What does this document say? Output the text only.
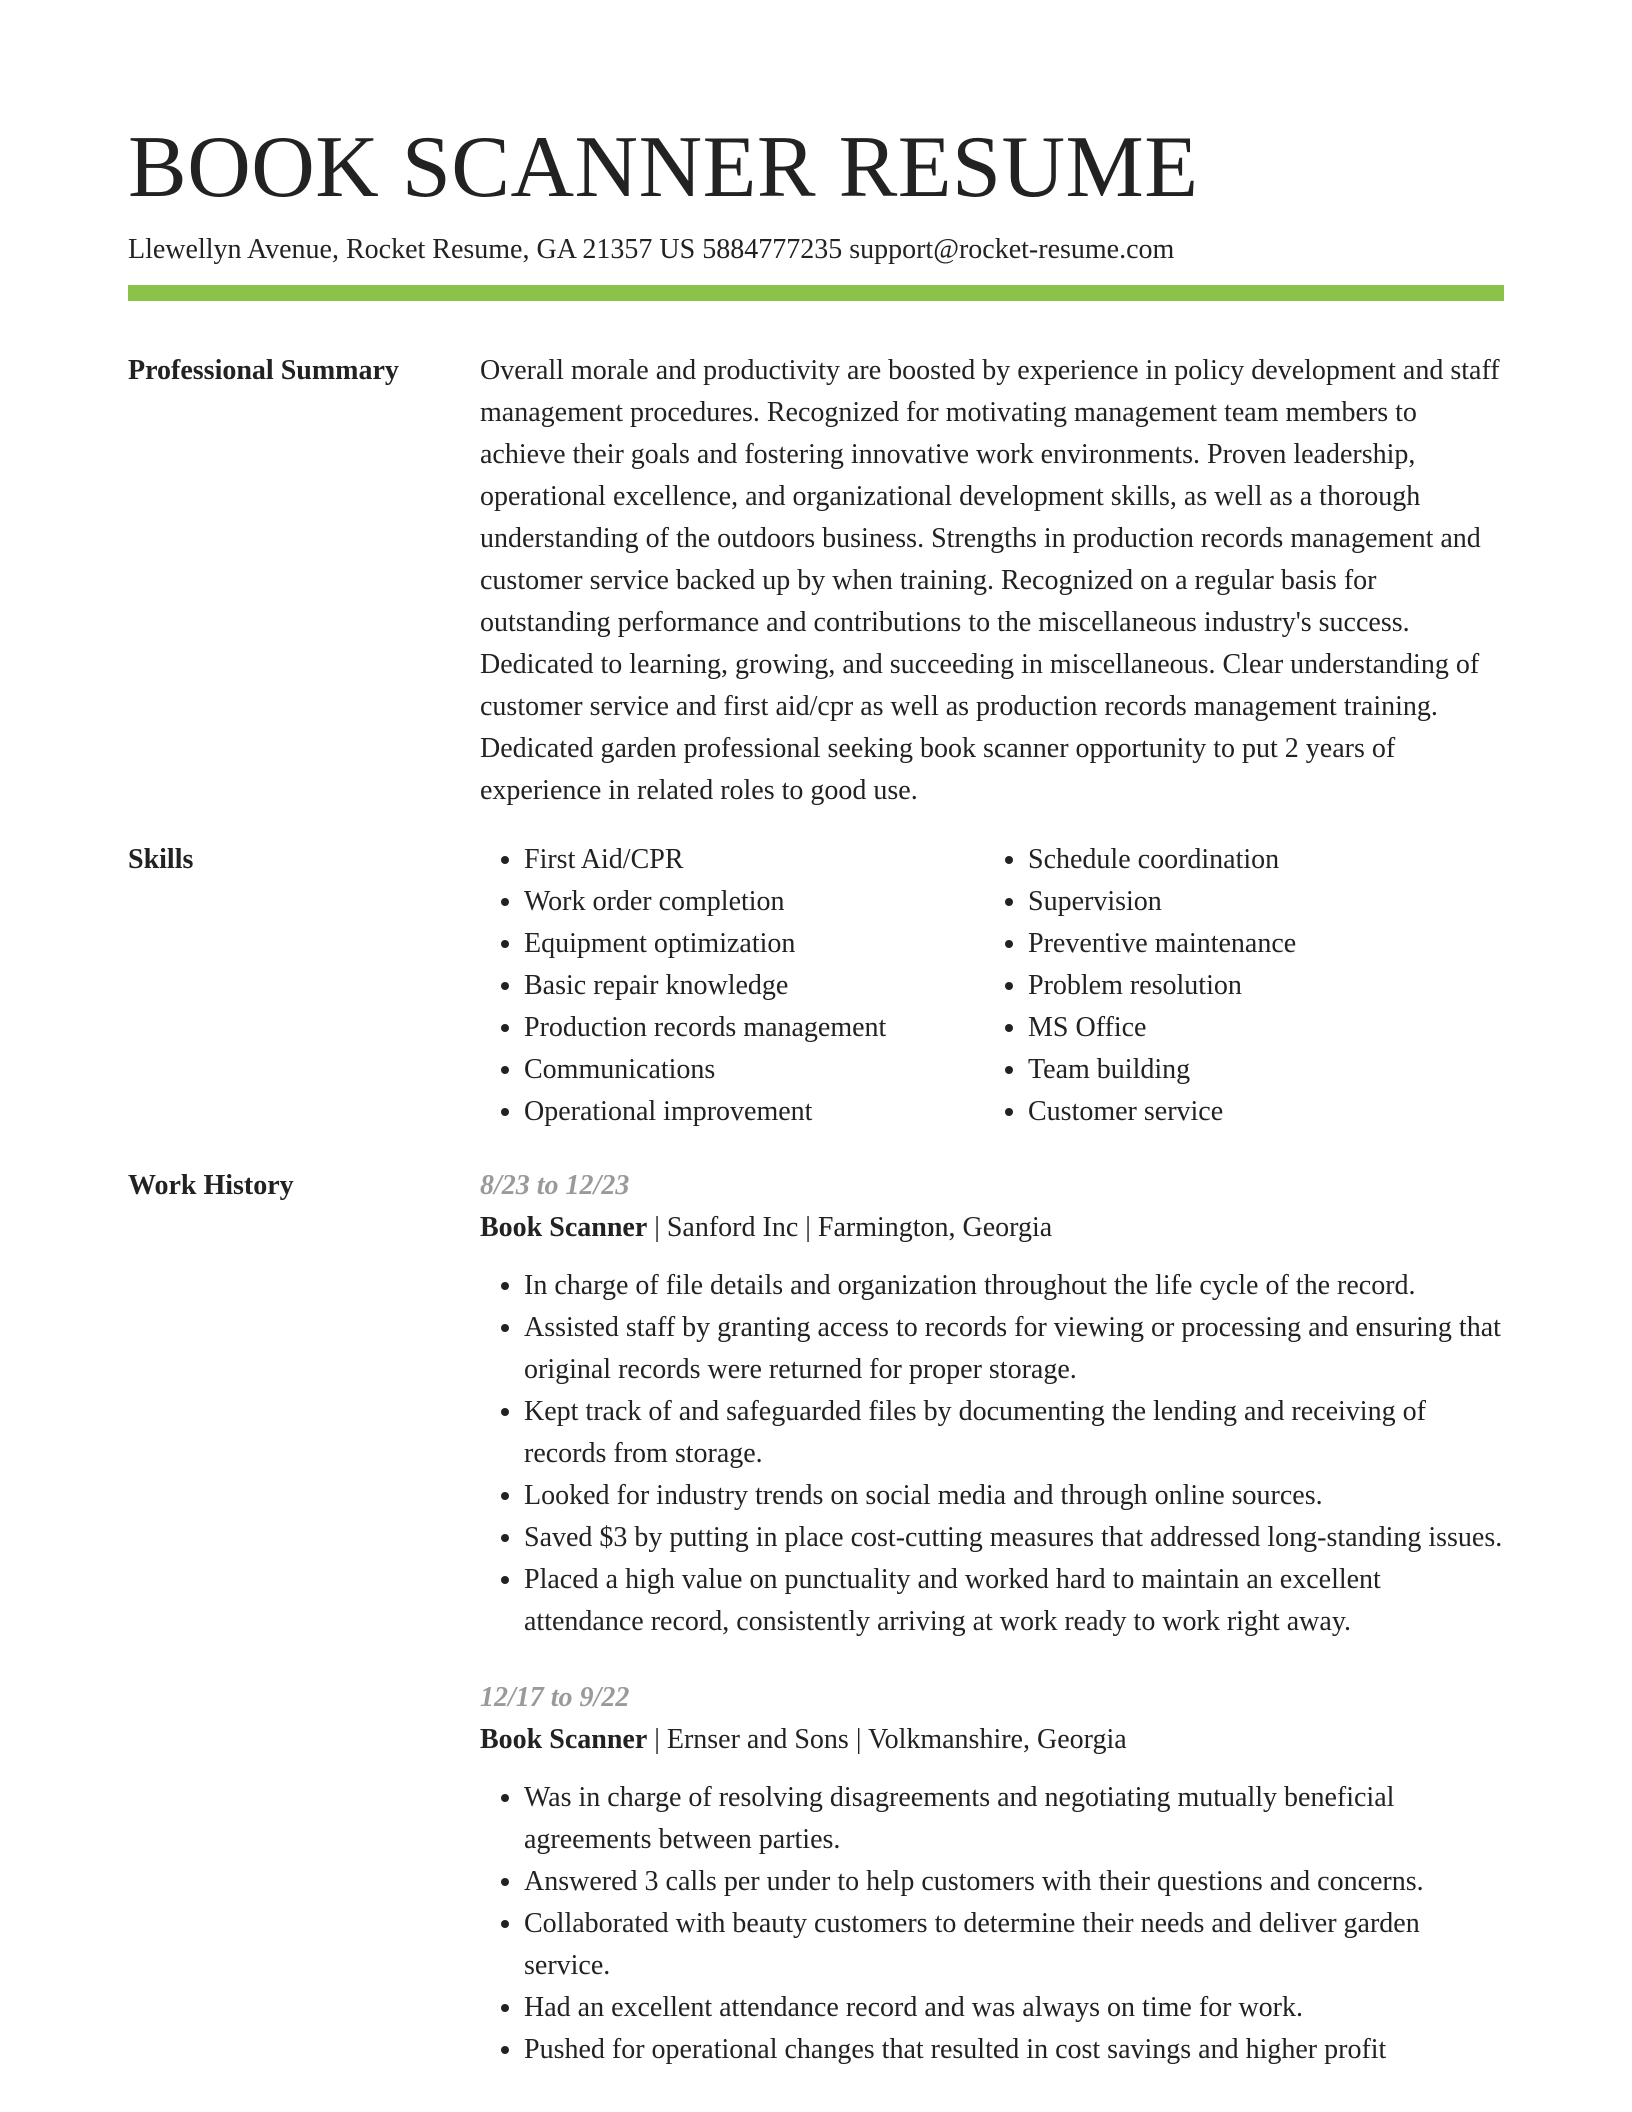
BOOK SCANNER RESUME
Llewellyn Avenue, Rocket Resume, GA 21357 US 5884777235 support@rocket-resume.com
Professional Summary	Overall morale and productivity are boosted by experience in policy development and staff management procedures. Recognized for motivating management team members to achieve their goals and fostering innovative work environments. Proven leadership, operational excellence, and organizational development skills, as well as a thorough understanding of the outdoors business. Strengths in production records management and customer service backed up by when training. Recognized on a regular basis for outstanding performance and contributions to the miscellaneous industry's success. Dedicated to learning, growing, and succeeding in miscellaneous. Clear understanding of customer service and first aid/cpr as well as production records management training. Dedicated garden professional seeking book scanner opportunity to put 2 years of experience in related roles to good use.

Skills
•	First Aid/CPR
• Work order completion
• Equipment optimization
• Basic repair knowledge
• Production records management
• Communications
• Operational improvement
• Schedule coordination
• Supervision
• Preventive maintenance
• Problem resolution
• MS Office
• Team building
• Customer service
Work History	8/23 to 12/23
Book Scanner | Sanford Inc | Farmington, Georgia
• In charge of file details and organization throughout the life cycle of the record.
• Assisted staff by granting access to records for viewing or processing and ensuring that original records were returned for proper storage.
• Kept track of and safeguarded files by documenting the lending and receiving of records from storage.
• Looked for industry trends on social media and through online sources.
• Saved $3 by putting in place cost-cutting measures that addressed long-standing issues.
• Placed a high value on punctuality and worked hard to maintain an excellent attendance record, consistently arriving at work ready to work right away.
12/17 to 9/22
Book Scanner | Ernser and Sons | Volkmanshire, Georgia
• Was in charge of resolving disagreements and negotiating mutually beneficial agreements between parties.
• Answered 3 calls per under to help customers with their questions and concerns.
• Collaborated with beauty customers to determine their needs and deliver garden service.
• Had an excellent attendance record and was always on time for work.
• Pushed for operational changes that resulted in cost savings and higher profit
